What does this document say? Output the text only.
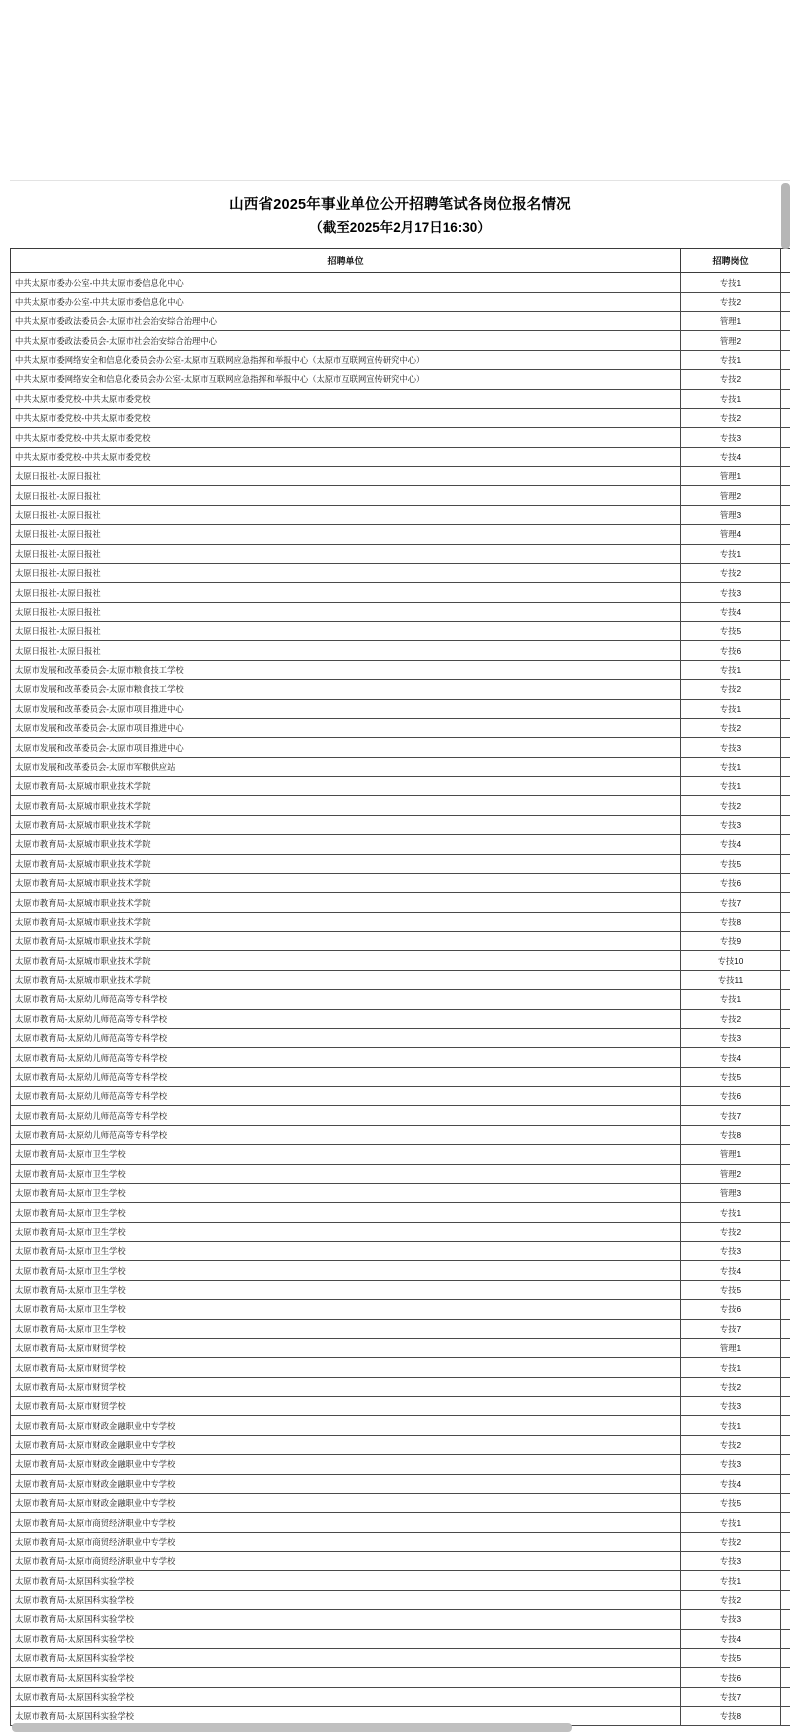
山西省2025年事业单位公开招聘笔试各岗位报名情况
（截至2025年2月17日16:30）
招聘单位	招聘岗位			
中共太原市委办公室-中共太原市委信息化中心	专技1			
中共太原市委办公室-中共太原市委信息化中心	专技2			
中共太原市委政法委员会-太原市社会治安综合治理中心	管理1			
中共太原市委政法委员会-太原市社会治安综合治理中心	管理2			
中共太原市委网络安全和信息化委员会办公室-太原市互联网应急指挥和举报中心（太原市互联网宣传研究中心）	专技1			
中共太原市委网络安全和信息化委员会办公室-太原市互联网应急指挥和举报中心（太原市互联网宣传研究中心）	专技2			
中共太原市委党校-中共太原市委党校	专技1			
中共太原市委党校-中共太原市委党校	专技2			
中共太原市委党校-中共太原市委党校	专技3			
中共太原市委党校-中共太原市委党校	专技4			
太原日报社-太原日报社	管理1			
太原日报社-太原日报社	管理2			
太原日报社-太原日报社	管理3			
太原日报社-太原日报社	管理4			
太原日报社-太原日报社	专技1			
太原日报社-太原日报社	专技2			
太原日报社-太原日报社	专技3			
太原日报社-太原日报社	专技4			
太原日报社-太原日报社	专技5			
太原日报社-太原日报社	专技6			
太原市发展和改革委员会-太原市粮食技工学校	专技1			
太原市发展和改革委员会-太原市粮食技工学校	专技2			
太原市发展和改革委员会-太原市项目推进中心	专技1			
太原市发展和改革委员会-太原市项目推进中心	专技2			
太原市发展和改革委员会-太原市项目推进中心	专技3			
太原市发展和改革委员会-太原市军粮供应站	专技1			
太原市教育局-太原城市职业技术学院	专技1			
太原市教育局-太原城市职业技术学院	专技2			
太原市教育局-太原城市职业技术学院	专技3			
太原市教育局-太原城市职业技术学院	专技4			
太原市教育局-太原城市职业技术学院	专技5			
太原市教育局-太原城市职业技术学院	专技6			
太原市教育局-太原城市职业技术学院	专技7			
太原市教育局-太原城市职业技术学院	专技8			
太原市教育局-太原城市职业技术学院	专技9			
太原市教育局-太原城市职业技术学院	专技10			
太原市教育局-太原城市职业技术学院	专技11			
太原市教育局-太原幼儿师范高等专科学校	专技1			
太原市教育局-太原幼儿师范高等专科学校	专技2			
太原市教育局-太原幼儿师范高等专科学校	专技3			
太原市教育局-太原幼儿师范高等专科学校	专技4			
太原市教育局-太原幼儿师范高等专科学校	专技5			
太原市教育局-太原幼儿师范高等专科学校	专技6			
太原市教育局-太原幼儿师范高等专科学校	专技7			
太原市教育局-太原幼儿师范高等专科学校	专技8			
太原市教育局-太原市卫生学校	管理1			
太原市教育局-太原市卫生学校	管理2			
太原市教育局-太原市卫生学校	管理3			
太原市教育局-太原市卫生学校	专技1			
太原市教育局-太原市卫生学校	专技2			
太原市教育局-太原市卫生学校	专技3			
太原市教育局-太原市卫生学校	专技4			
太原市教育局-太原市卫生学校	专技5			
太原市教育局-太原市卫生学校	专技6			
太原市教育局-太原市卫生学校	专技7			
太原市教育局-太原市财贸学校	管理1			
太原市教育局-太原市财贸学校	专技1			
太原市教育局-太原市财贸学校	专技2			
太原市教育局-太原市财贸学校	专技3			
太原市教育局-太原市财政金融职业中专学校	专技1			
太原市教育局-太原市财政金融职业中专学校	专技2			
太原市教育局-太原市财政金融职业中专学校	专技3			
太原市教育局-太原市财政金融职业中专学校	专技4			
太原市教育局-太原市财政金融职业中专学校	专技5			
太原市教育局-太原市商贸经济职业中专学校	专技1			
太原市教育局-太原市商贸经济职业中专学校	专技2			
太原市教育局-太原市商贸经济职业中专学校	专技3			
太原市教育局-太原国科实验学校	专技1			
太原市教育局-太原国科实验学校	专技2			
太原市教育局-太原国科实验学校	专技3			
太原市教育局-太原国科实验学校	专技4			
太原市教育局-太原国科实验学校	专技5			
太原市教育局-太原国科实验学校	专技6			
太原市教育局-太原国科实验学校	专技7			
太原市教育局-太原国科实验学校	专技8			
